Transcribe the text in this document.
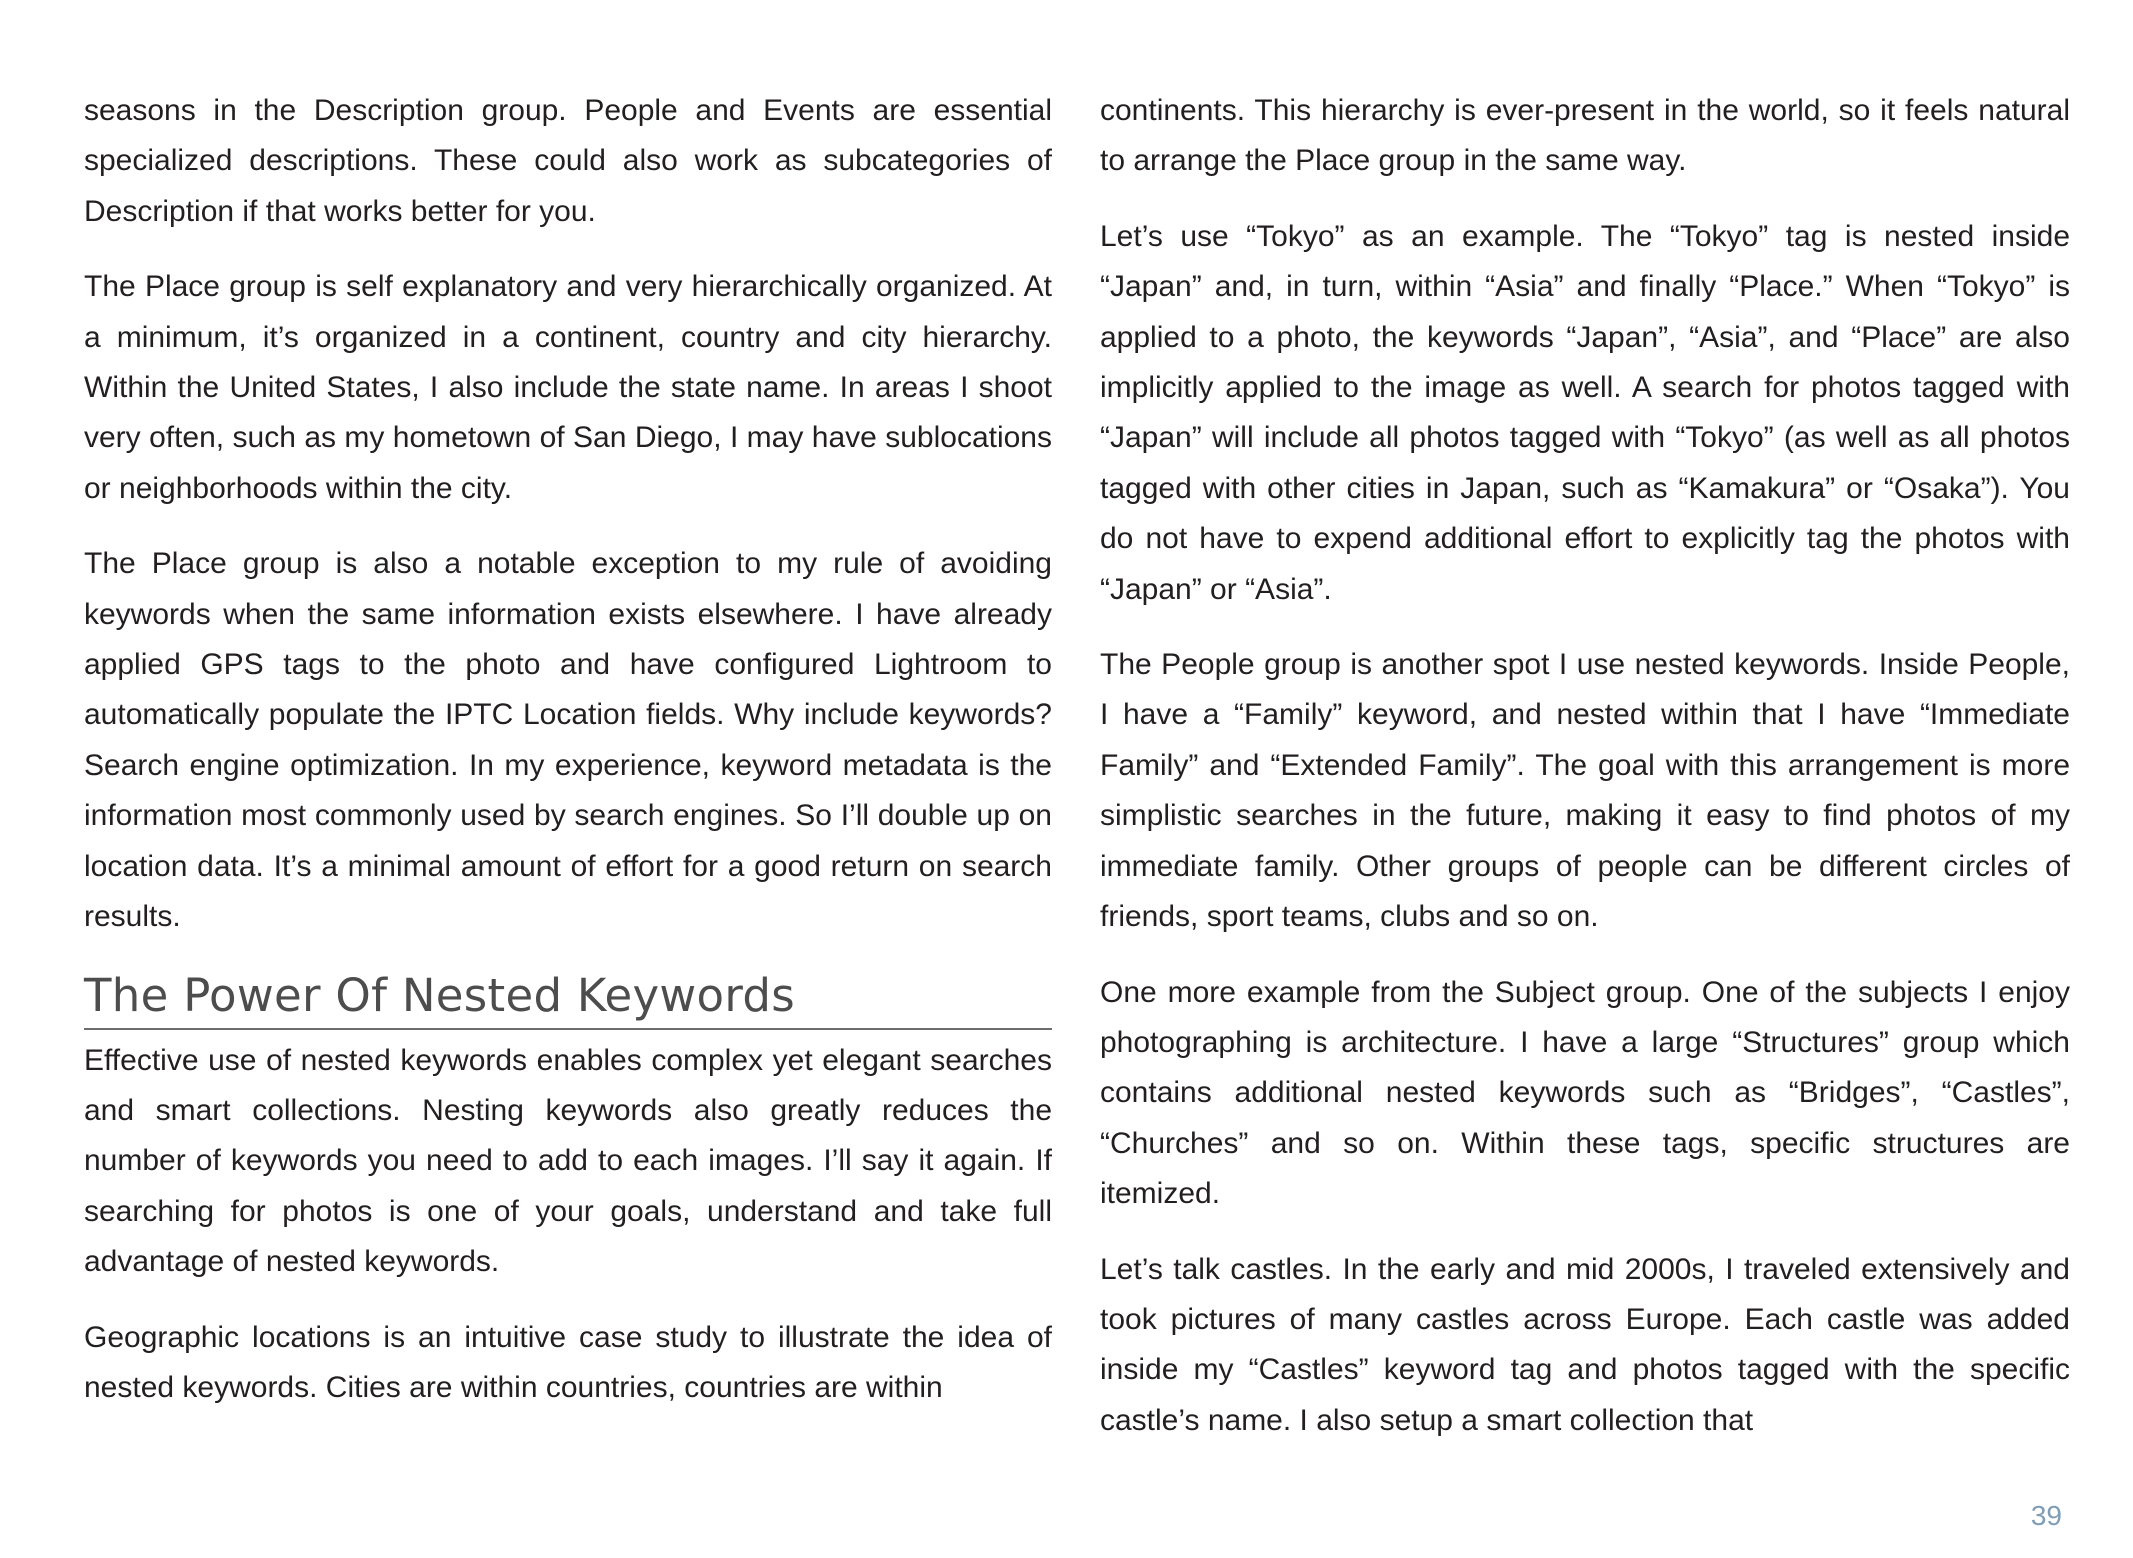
seasons in the Description group. People and Events are essential specialized descriptions. These could also work as subcategories of Description if that works better for you.

The Place group is self explanatory and very hierarchically organized. At a minimum, it’s organized in a continent, country and city hierarchy. Within the United States, I also include the state name. In areas I shoot very often, such as my hometown of San Diego, I may have sublocations or neighborhoods within the city.

The Place group is also a notable exception to my rule of avoiding keywords when the same information exists elsewhere. I have already applied GPS tags to the photo and have configured Lightroom to automatically populate the IPTC Location fields. Why include keywords? Search engine optimization. In my experience, keyword metadata is the information most commonly used by search engines. So I’ll double up on location data. It’s a minimal amount of effort for a good return on search results.

The Power Of Nested Keywords

Effective use of nested keywords enables complex yet elegant searches and smart collections. Nesting keywords also greatly reduces the number of keywords you need to add to each images. I’ll say it again. If searching for photos is one of your goals, understand and take full advantage of nested keywords.

Geographic locations is an intuitive case study to illustrate the idea of nested keywords. Cities are within countries, countries are within

continents. This hierarchy is ever-present in the world, so it feels natural to arrange the Place group in the same way.

Let’s use “Tokyo” as an example. The “Tokyo” tag is nested inside “Japan” and, in turn, within “Asia” and finally “Place.” When “Tokyo” is applied to a photo, the keywords “Japan”, “Asia”, and “Place” are also implicitly applied to the image as well. A search for photos tagged with “Japan” will include all photos tagged with “Tokyo” (as well as all photos tagged with other cities in Japan, such as “Kamakura” or “Osaka”). You do not have to expend additional effort to explicitly tag the photos with “Japan” or “Asia”.

The People group is another spot I use nested keywords. Inside People, I have a “Family” keyword, and nested within that I have “Immediate Family” and “Extended Family”. The goal with this arrangement is more simplistic searches in the future, making it easy to find photos of my immediate family. Other groups of people can be different circles of friends, sport teams, clubs and so on.

One more example from the Subject group. One of the subjects I enjoy photographing is architecture. I have a large “Structures” group which contains additional nested keywords such as “Bridges”, “Castles”, “Churches” and so on. Within these tags, specific structures are itemized.

Let’s talk castles. In the early and mid 2000s, I traveled extensively and took pictures of many castles across Europe. Each castle was added inside my “Castles” keyword tag and photos tagged with the specific castle’s name. I also setup a smart collection that

39
